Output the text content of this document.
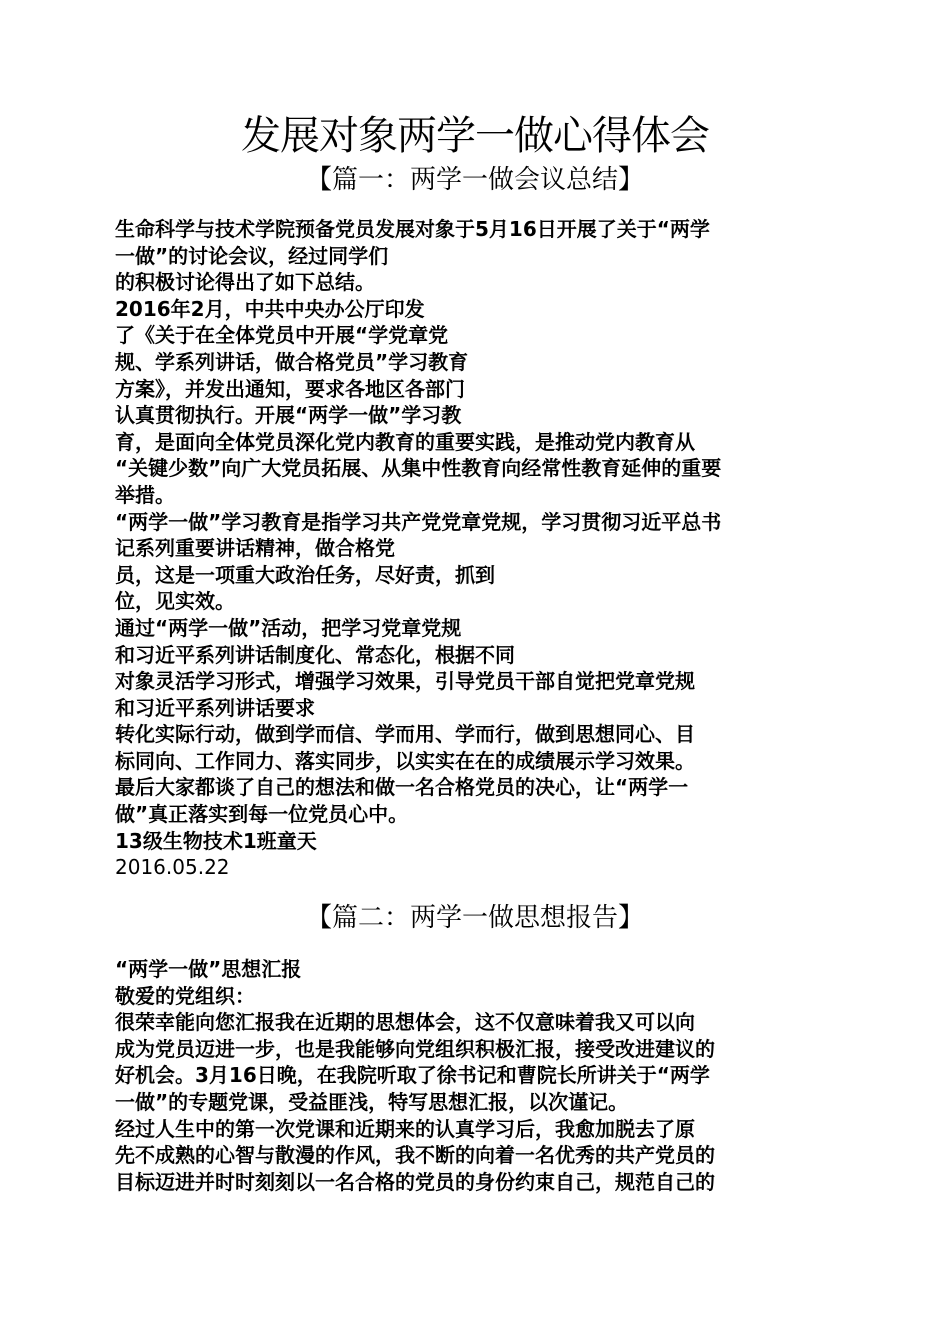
发展对象两学一做心得体会
【篇一：两学一做会议总结】
生命科学与技术学院预备党员发展对象于5月16日开展了关于“两学
一做”的讨论会议，经过同学们
的积极讨论得出了如下总结。
2016年2月，中共中央办公厅印发
了《关于在全体党员中开展“学党章党
规、学系列讲话，做合格党员”学习教育
方案》，并发出通知，要求各地区各部门
认真贯彻执行。开展“两学一做”学习教
育，是面向全体党员深化党内教育的重要实践，是推动党内教育从
“关键少数”向广大党员拓展、从集中性教育向经常性教育延伸的重要
举措。
“两学一做”学习教育是指学习共产党党章党规，学习贯彻习近平总书
记系列重要讲话精神，做合格党
员，这是一项重大政治任务，尽好责，抓到
位，见实效。
通过“两学一做”活动，把学习党章党规
和习近平系列讲话制度化、常态化，根据不同
对象灵活学习形式，增强学习效果，引导党员干部自觉把党章党规
和习近平系列讲话要求
转化实际行动，做到学而信、学而用、学而行，做到思想同心、目
标同向、工作同力、落实同步，以实实在在的成绩展示学习效果。
最后大家都谈了自己的想法和做一名合格党员的决心，让“两学一
做”真正落实到每一位党员心中。
13级生物技术1班童天
2016.05.22
【篇二：两学一做思想报告】
“两学一做”思想汇报
敬爱的党组织：
很荣幸能向您汇报我在近期的思想体会，这不仅意味着我又可以向
成为党员迈进一步，也是我能够向党组织积极汇报，接受改进建议的
好机会。3月16日晚，在我院听取了徐书记和曹院长所讲关于“两学
一做”的专题党课，受益匪浅，特写思想汇报，以次谨记。
经过人生中的第一次党课和近期来的认真学习后，我愈加脱去了原
先不成熟的心智与散漫的作风，我不断的向着一名优秀的共产党员的
目标迈进并时时刻刻以一名合格的党员的身份约束自己，规范自己的
